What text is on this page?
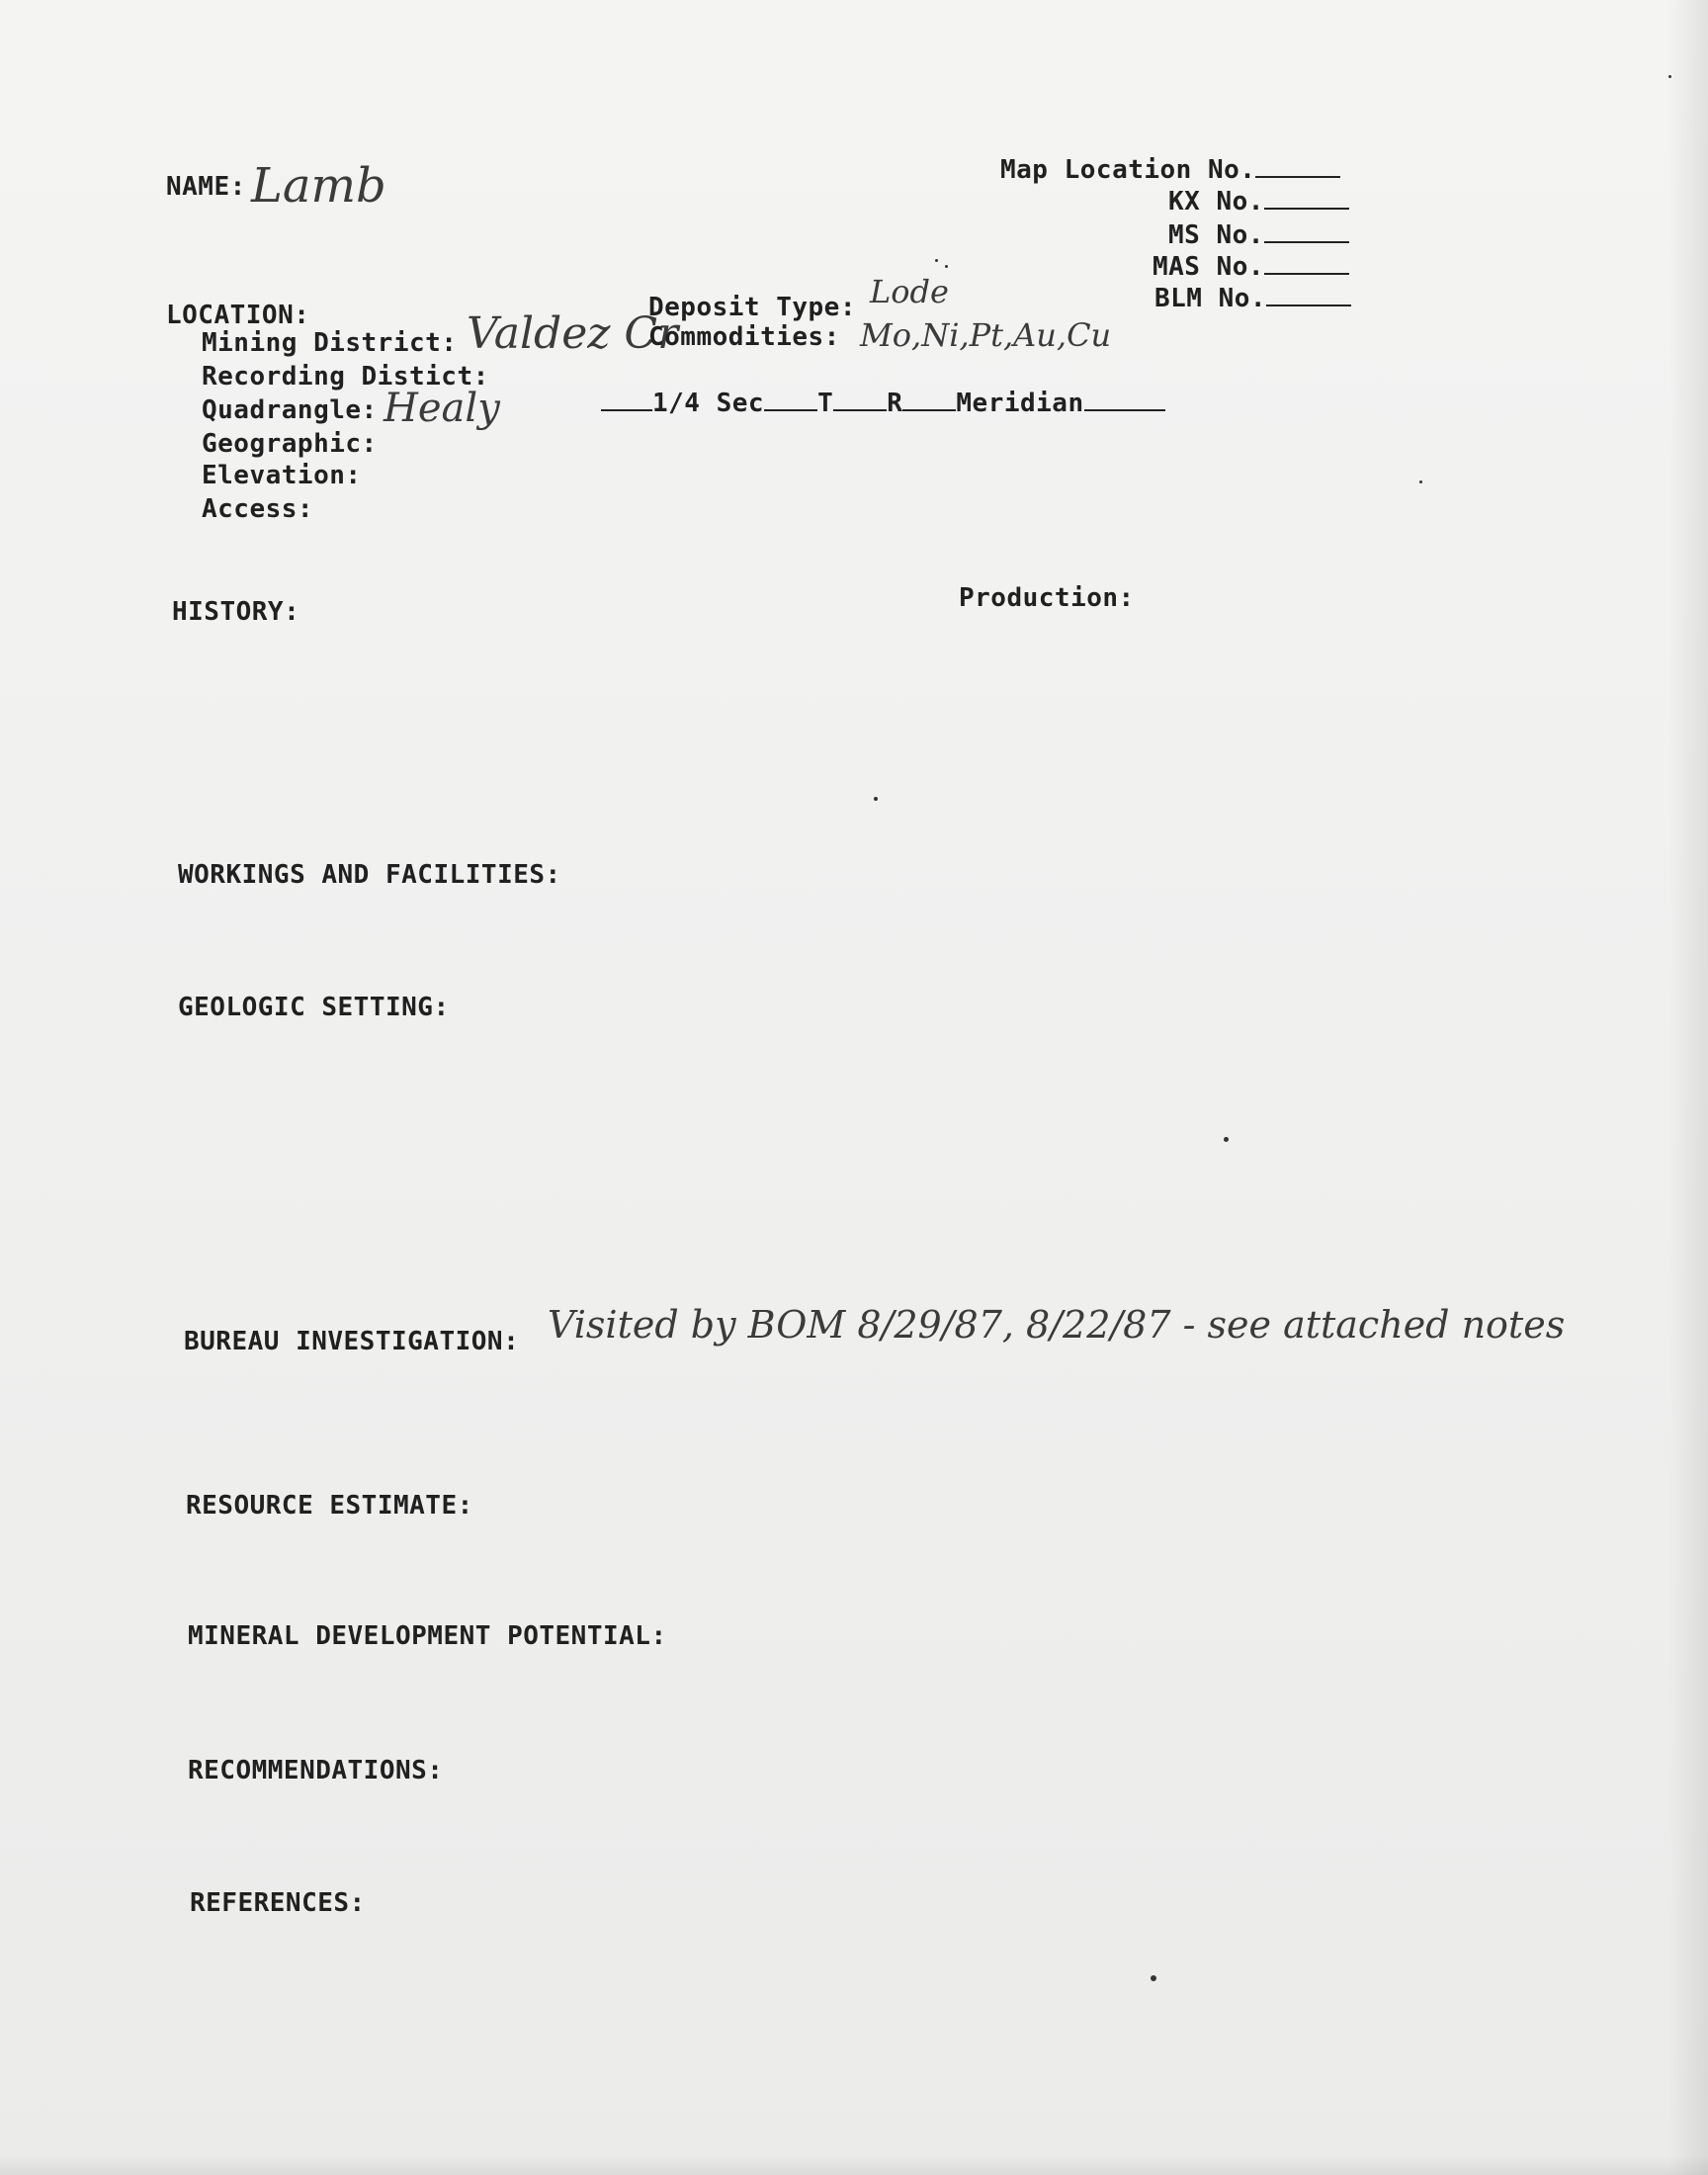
NAME: Lamb	Map Location No.
KX No.
MS No.
MAS No.
BLM No.
LOCATION:
Mining District: Valdez Cr
Recording Distict:
Quadrangle: Healy
Geographic:
Elevation:
Access:
Deposit Type: Lode
Commodities: Mo,Ni,Pt,Au,Cu
1/4 Sec T R Meridian
HISTORY:	Production:
WORKINGS AND FACILITIES:
GEOLOGIC SETTING:
BUREAU INVESTIGATION: Visited by BOM 8/29/87, 8/22/87 - see attached notes
RESOURCE ESTIMATE:
MINERAL DEVELOPMENT POTENTIAL:
RECOMMENDATIONS:
REFERENCES:
